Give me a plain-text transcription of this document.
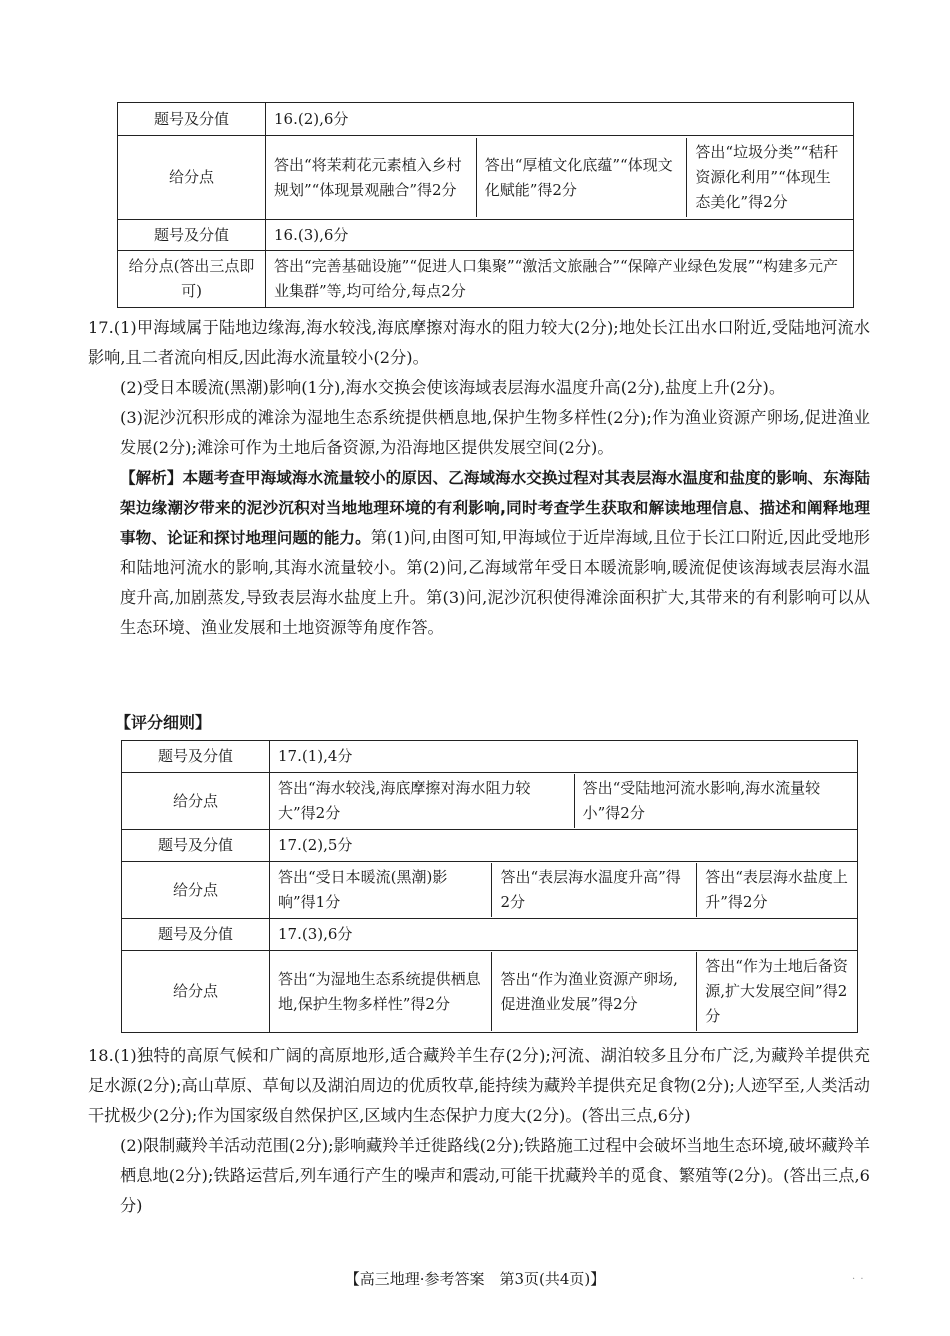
题号及分值	16.(2),6分
给分点	
答出“将茉莉花元素植入乡村规划”“体现景观融合”得2分	答出“厚植文化底蕴”“体现文化赋能”得2分	答出“垃圾分类”“秸秆资源化利用”“体现生态美化”得2分

题号及分值	16.(3),6分
给分点(答出三点即可)	答出“完善基础设施”“促进人口集聚”“激活文旅融合”“保障产业绿色发展”“构建多元产业集群”等,均可给分,每点2分
17.(1)甲海域属于陆地边缘海,海水较浅,海底摩擦对海水的阻力较大(2分);地处长江出水口附近,受陆地河流水影响,且二者流向相反,因此海水流量较小(2分)。
(2)受日本暖流(黑潮)影响(1分),海水交换会使该海域表层海水温度升高(2分),盐度上升(2分)。
(3)泥沙沉积形成的滩涂为湿地生态系统提供栖息地,保护生物多样性(2分);作为渔业资源产卵场,促进渔业发展(2分);滩涂可作为土地后备资源,为沿海地区提供发展空间(2分)。
【解析】本题考查甲海域海水流量较小的原因、乙海域海水交换过程对其表层海水温度和盐度的影响、东海陆架边缘潮汐带来的泥沙沉积对当地地理环境的有利影响,同时考查学生获取和解读地理信息、描述和阐释地理事物、论证和探讨地理问题的能力。第(1)问,由图可知,甲海域位于近岸海域,且位于长江口附近,因此受地形和陆地河流水的影响,其海水流量较小。第(2)问,乙海域常年受日本暖流影响,暖流促使该海域表层海水温度升高,加剧蒸发,导致表层海水盐度上升。第(3)问,泥沙沉积使得滩涂面积扩大,其带来的有利影响可以从生态环境、渔业发展和土地资源等角度作答。
【评分细则】
题号及分值	17.(1),4分
给分点	
答出“海水较浅,海底摩擦对海水阻力较大”得2分	答出“受陆地河流水影响,海水流量较小”得2分

题号及分值	17.(2),5分
给分点	
答出“受日本暖流(黑潮)影响”得1分	答出“表层海水温度升高”得2分	答出“表层海水盐度上升”得2分

题号及分值	17.(3),6分
给分点	
答出“为湿地生态系统提供栖息地,保护生物多样性”得2分	答出“作为渔业资源产卵场,促进渔业发展”得2分	答出“作为土地后备资源,扩大发展空间”得2分
18.(1)独特的高原气候和广阔的高原地形,适合藏羚羊生存(2分);河流、湖泊较多且分布广泛,为藏羚羊提供充足水源(2分);高山草原、草甸以及湖泊周边的优质牧草,能持续为藏羚羊提供充足食物(2分);人迹罕至,人类活动干扰极少(2分);作为国家级自然保护区,区域内生态保护力度大(2分)。(答出三点,6分)
(2)限制藏羚羊活动范围(2分);影响藏羚羊迁徙路线(2分);铁路施工过程中会破坏当地生态环境,破坏藏羚羊栖息地(2分);铁路运营后,列车通行产生的噪声和震动,可能干扰藏羚羊的觅食、繁殖等(2分)。(答出三点,6分)
【高三地理·参考答案　第3页(共4页)】	· ·
